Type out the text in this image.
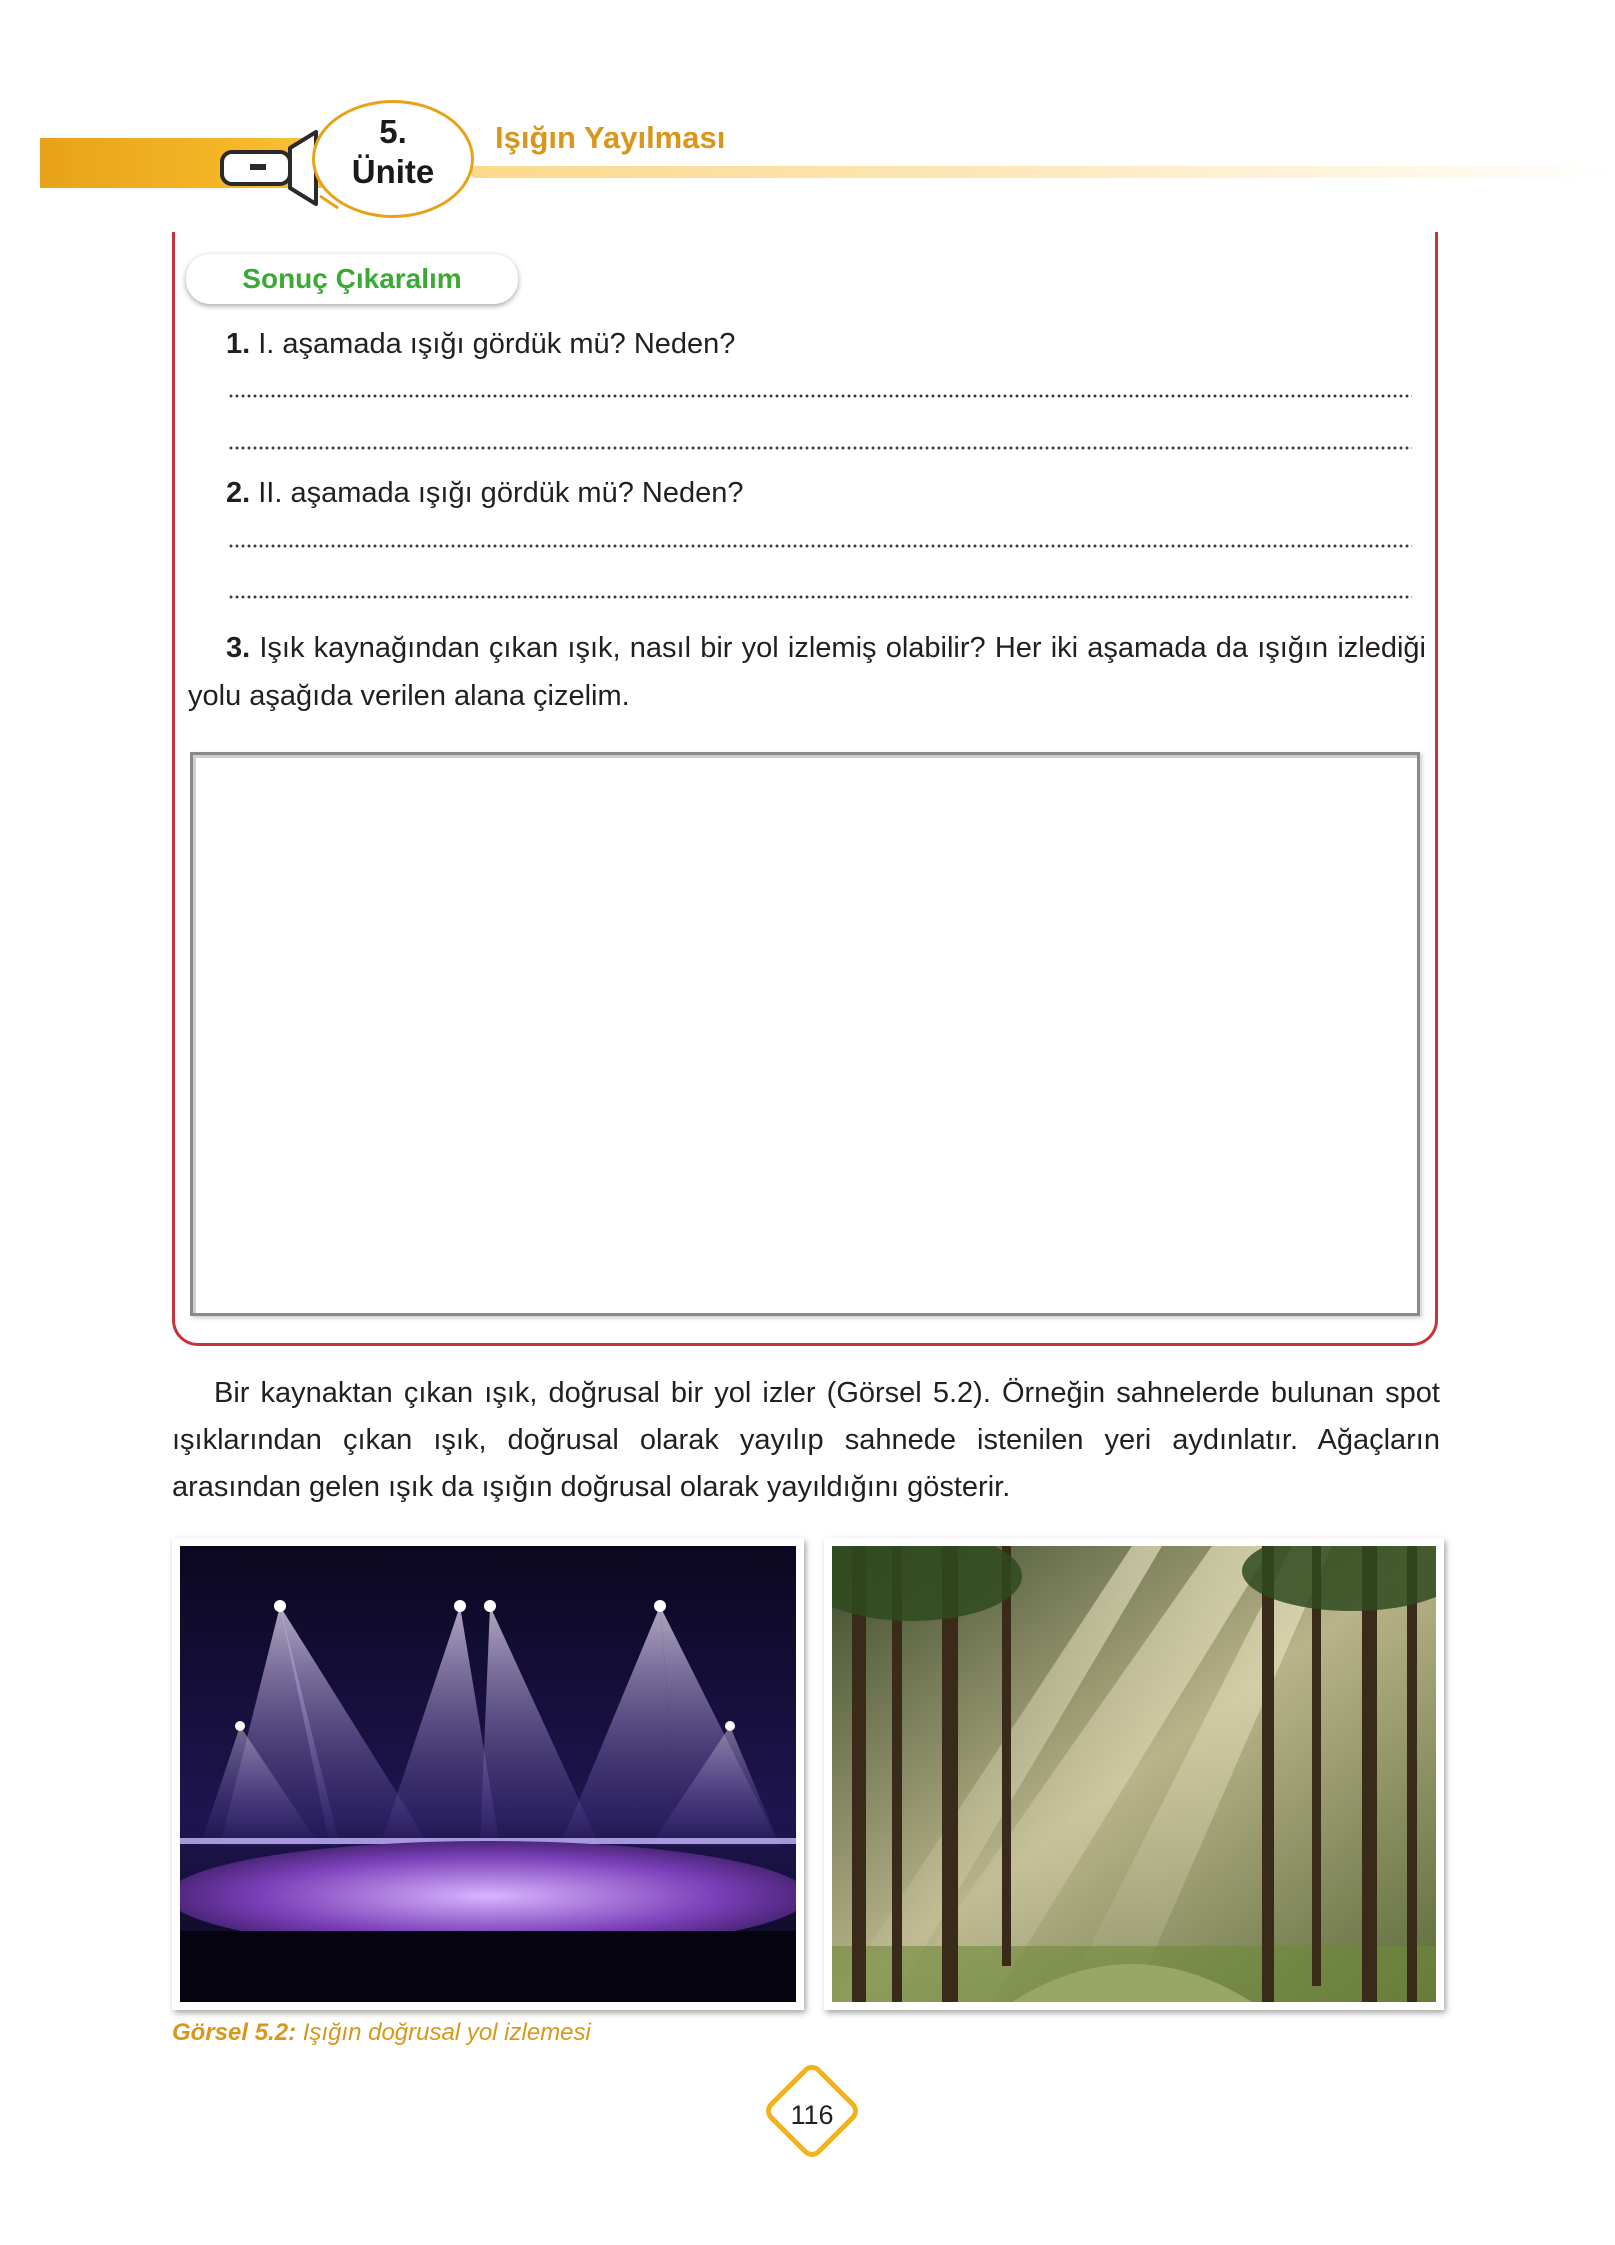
5.
Ünite
Işığın Yayılması
Sonuç Çıkaralım

1. I. aşamada ışığı gördük mü? Neden?

2. II. aşamada ışığı gördük mü? Neden?

3. Işık kaynağından çıkan ışık, nasıl bir yol izlemiş olabilir? Her iki aşamada da ışığın izlediği yolu aşağıda verilen alana çizelim.

Bir kaynaktan çıkan ışık, doğrusal bir yol izler (Görsel 5.2). Örneğin sahnelerde bulunan spot ışıklarından çıkan ışık, doğrusal olarak yayılıp sahnede istenilen yeri aydınlatır. Ağaçların arasından gelen ışık da ışığın doğrusal olarak yayıldığını gösterir.

Görsel 5.2: Işığın doğrusal yol izlemesi

116
